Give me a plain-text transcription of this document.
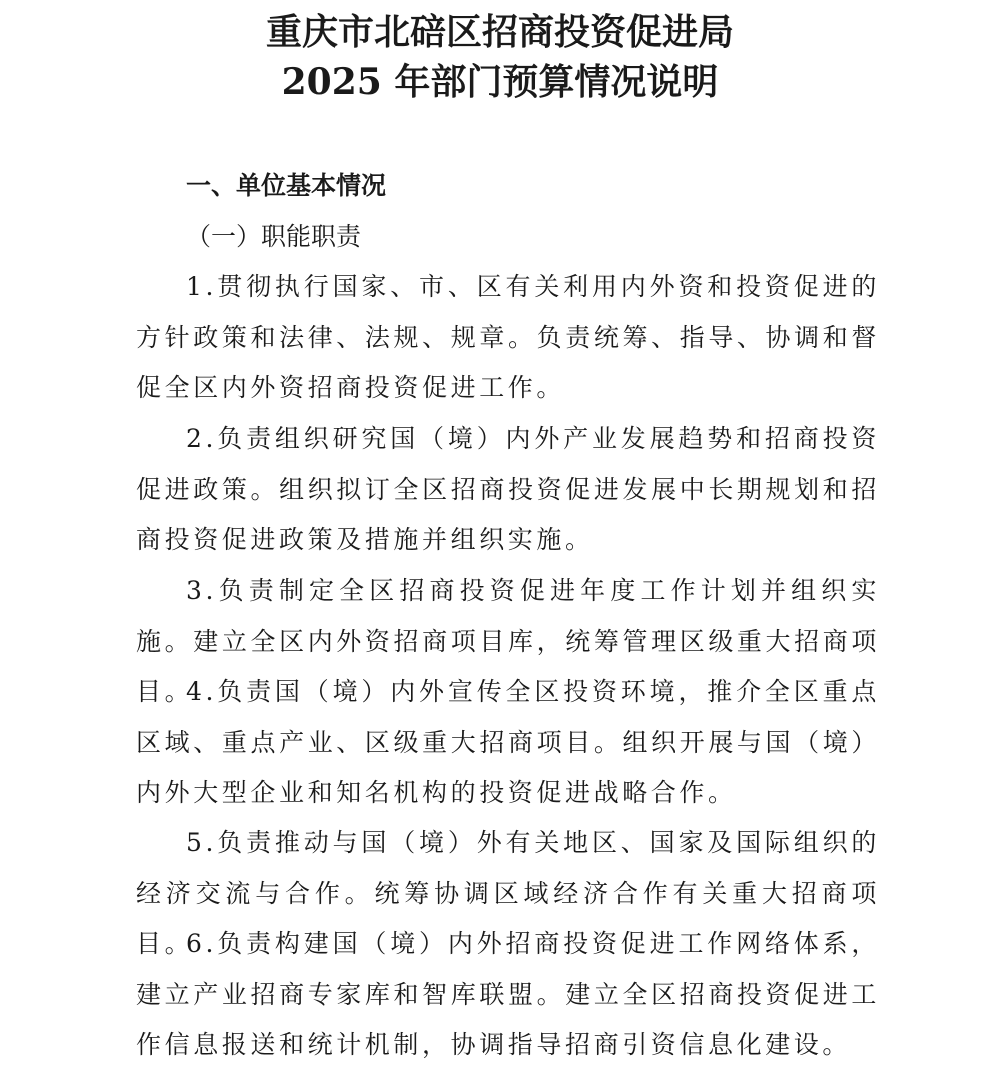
重庆市北碚区招商投资促进局
2025 年部门预算情况说明
一、单位基本情况
（一）职能职责
1.贯彻执行国家、市、区有关利用内外资和投资促进的方针政策和法律、法规、规章。负责统筹、指导、协调和督促全区内外资招商投资促进工作。
2.负责组织研究国（境）内外产业发展趋势和招商投资促进政策。组织拟订全区招商投资促进发展中长期规划和招商投资促进政策及措施并组织实施。
3.负责制定全区招商投资促进年度工作计划并组织实施。建立全区内外资招商项目库，统筹管理区级重大招商项目。
4.负责国（境）内外宣传全区投资环境，推介全区重点区域、重点产业、区级重大招商项目。组织开展与国（境）内外大型企业和知名机构的投资促进战略合作。
5.负责推动与国（境）外有关地区、国家及国际组织的经济交流与合作。统筹协调区域经济合作有关重大招商项目。
6.负责构建国（境）内外招商投资促进工作网络体系，建立产业招商专家库和智库联盟。建立全区招商投资促进工作信息报送和统计机制，协调指导招商引资信息化建设。
